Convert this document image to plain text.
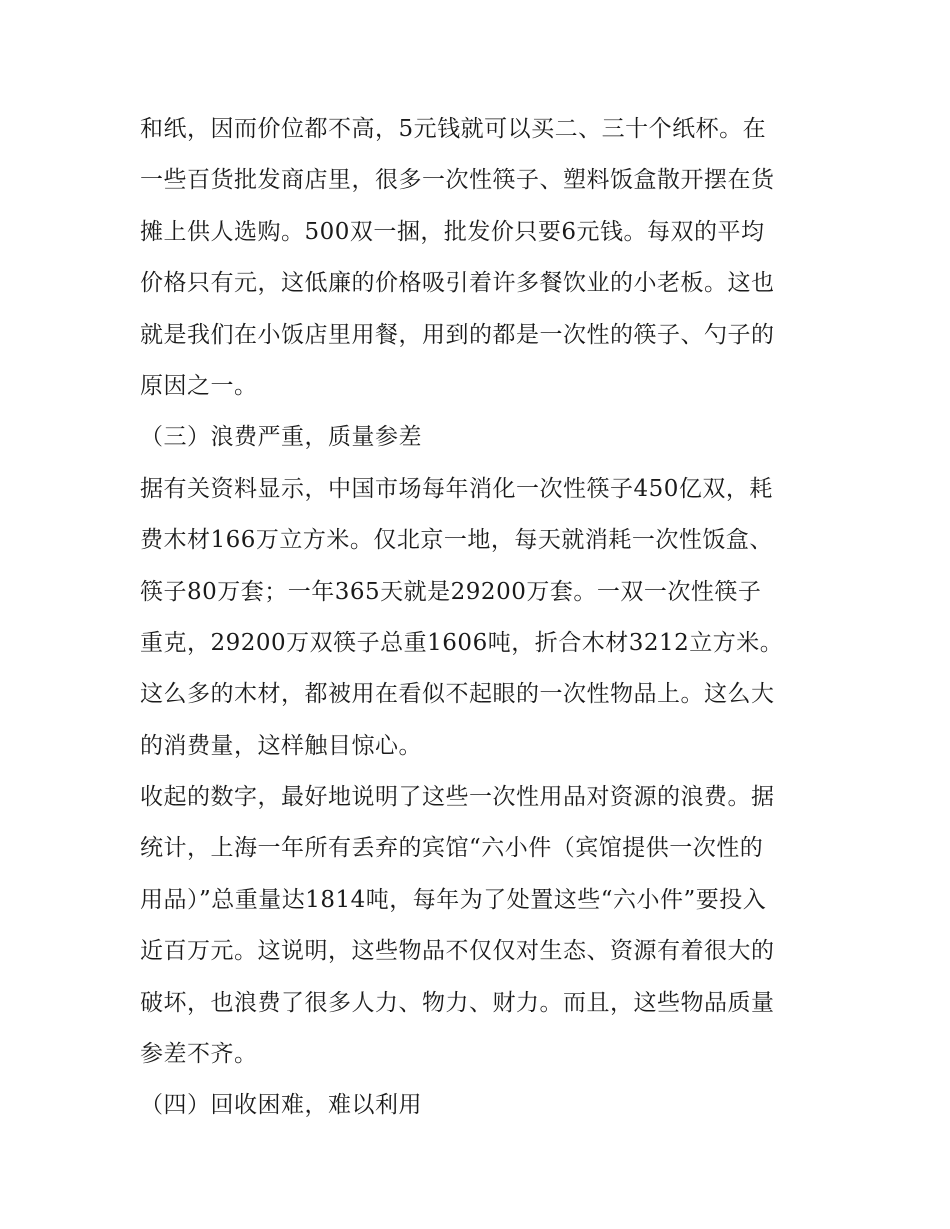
和纸，因而价位都不高，5元钱就可以买二、三十个纸杯。在
一些百货批发商店里，很多一次性筷子、塑料饭盒散开摆在货
摊上供人选购。500双一捆，批发价只要6元钱。每双的平均
价格只有元，这低廉的价格吸引着许多餐饮业的小老板。这也
就是我们在小饭店里用餐，用到的都是一次性的筷子、勺子的
原因之一。
（三）浪费严重，质量参差
据有关资料显示，中国市场每年消化一次性筷子450亿双，耗
费木材166万立方米。仅北京一地，每天就消耗一次性饭盒、
筷子80万套；一年365天就是29200万套。一双一次性筷子
重克，29200万双筷子总重1606吨，折合木材3212立方米。
这么多的木材，都被用在看似不起眼的一次性物品上。这么大
的消费量，这样触目惊心。
收起的数字，最好地说明了这些一次性用品对资源的浪费。据
统计，上海一年所有丢弃的宾馆“六小件（宾馆提供一次性的
用品）”总重量达1814吨，每年为了处置这些“六小件”要投入
近百万元。这说明，这些物品不仅仅对生态、资源有着很大的
破坏，也浪费了很多人力、物力、财力。而且，这些物品质量
参差不齐。
（四）回收困难，难以利用
